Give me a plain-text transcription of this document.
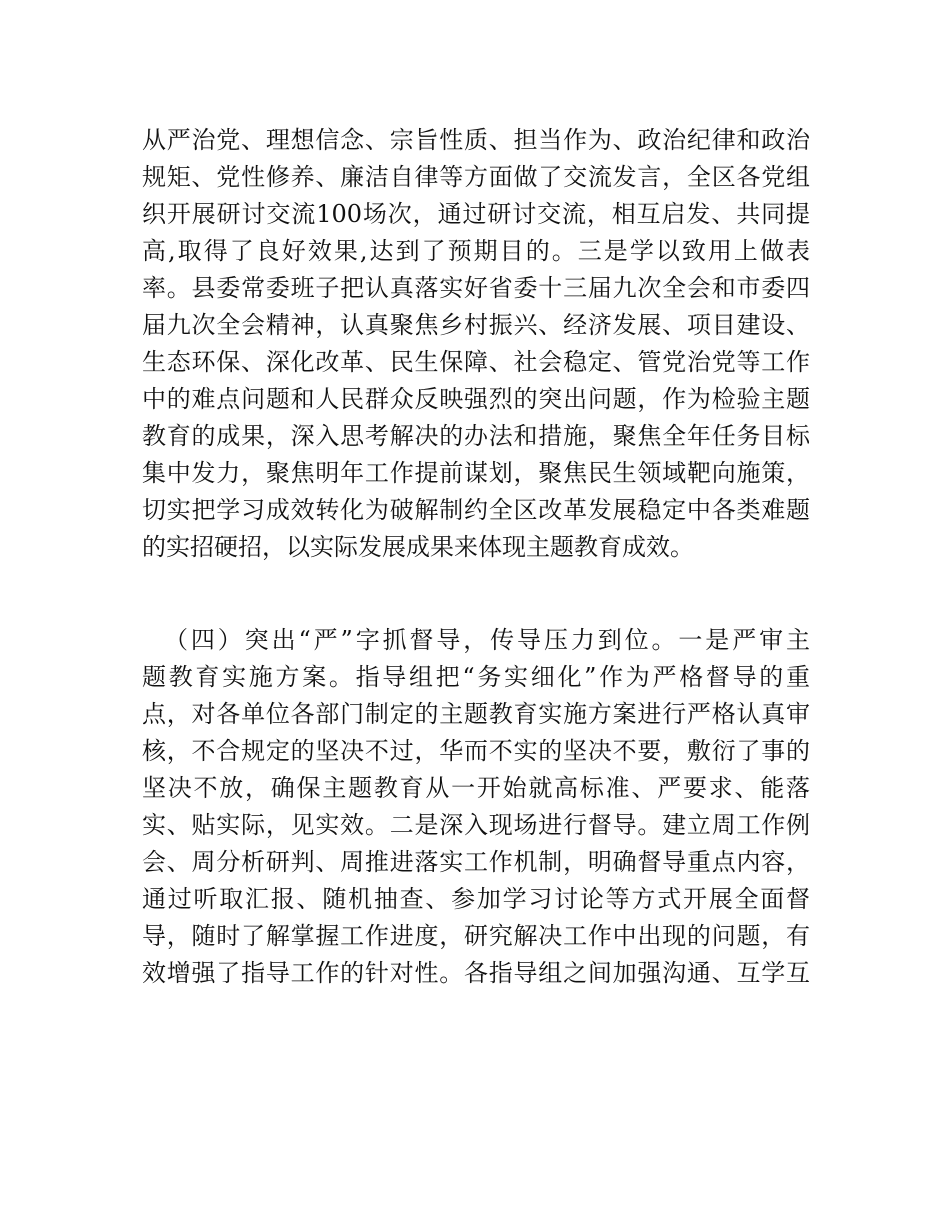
从严治党、理想信念、宗旨性质、担当作为、政治纪律和政治
规矩、党性修养、廉洁自律等方面做了交流发言，全区各党组
织开展研讨交流100场次，通过研讨交流，相互启发、共同提
高,取得了良好效果,达到了预期目的。三是学以致用上做表
率。县委常委班子把认真落实好省委十三届九次全会和市委四
届九次全会精神，认真聚焦乡村振兴、经济发展、项目建设、
生态环保、深化改革、民生保障、社会稳定、管党治党等工作
中的难点问题和人民群众反映强烈的突出问题，作为检验主题
教育的成果，深入思考解决的办法和措施，聚焦全年任务目标
集中发力，聚焦明年工作提前谋划，聚焦民生领域靶向施策，
切实把学习成效转化为破解制约全区改革发展稳定中各类难题
的实招硬招，以实际发展成果来体现主题教育成效。
（四）突出“严”字抓督导，传导压力到位。一是严审主
题教育实施方案。指导组把“务实细化”作为严格督导的重
点，对各单位各部门制定的主题教育实施方案进行严格认真审
核，不合规定的坚决不过，华而不实的坚决不要，敷衍了事的
坚决不放，确保主题教育从一开始就高标准、严要求、能落
实、贴实际，见实效。二是深入现场进行督导。建立周工作例
会、周分析研判、周推进落实工作机制，明确督导重点内容，
通过听取汇报、随机抽查、参加学习讨论等方式开展全面督
导，随时了解掌握工作进度，研究解决工作中出现的问题，有
效增强了指导工作的针对性。各指导组之间加强沟通、互学互
